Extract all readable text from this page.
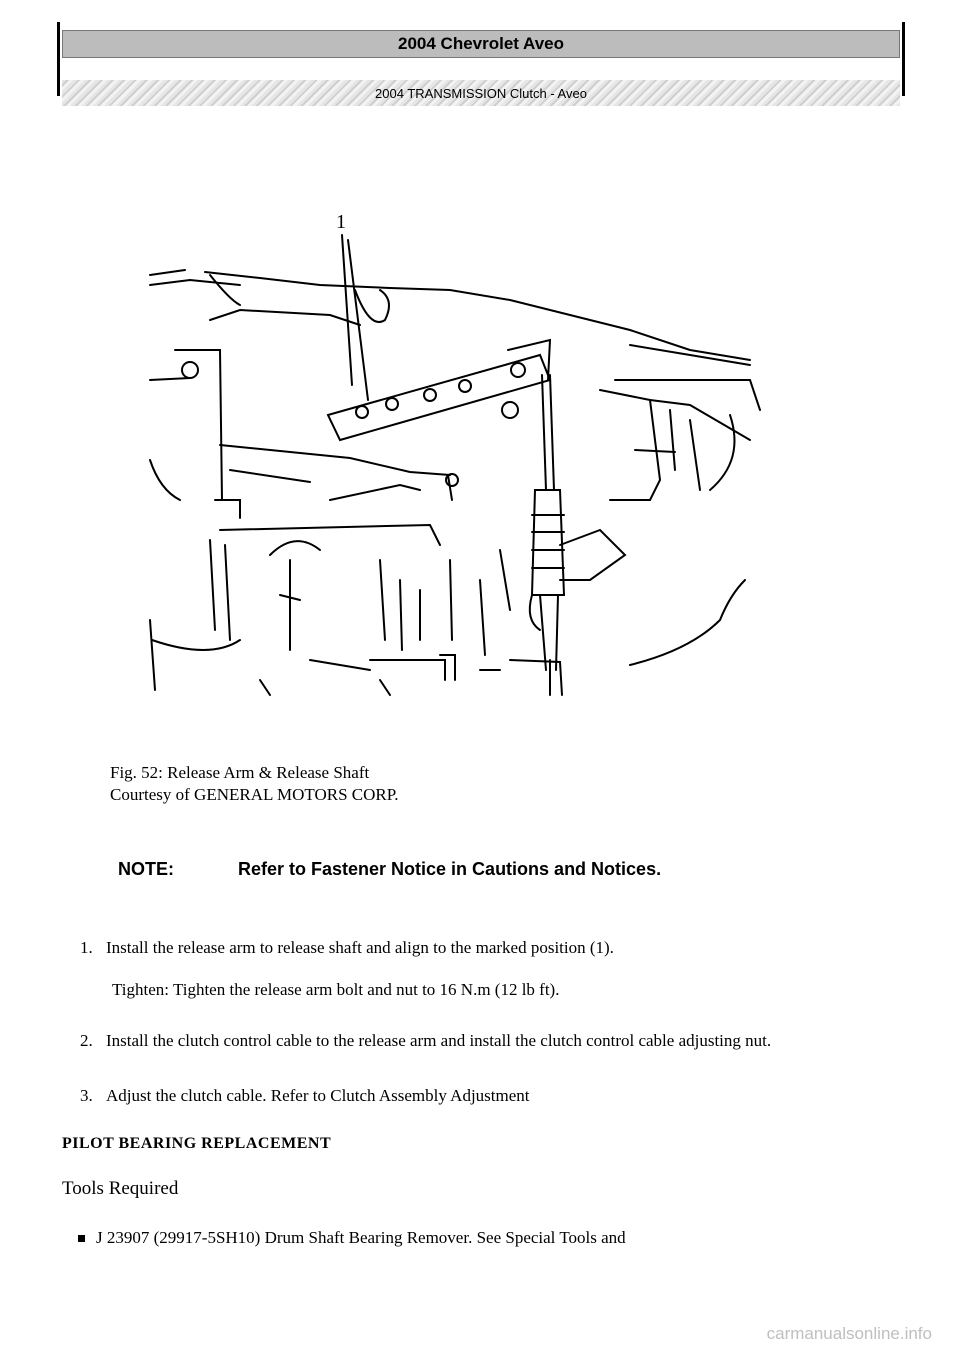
2004 Chevrolet Aveo
2004 TRANSMISSION Clutch - Aveo
1
Fig. 52: Release Arm & Release Shaft
Courtesy of GENERAL MOTORS CORP.
NOTE:	Refer to Fastener Notice in Cautions and Notices.
1. Install the release arm to release shaft and align to the marked position (1).
Tighten: Tighten the release arm bolt and nut to 16 N.m (12 lb ft).
2. Install the clutch control cable to the release arm and install the clutch control cable adjusting nut.
3. Adjust the clutch cable. Refer to Clutch Assembly Adjustment
PILOT BEARING REPLACEMENT
Tools Required
J 23907 (29917-5SH10) Drum Shaft Bearing Remover. See Special Tools and
carmanualsonline.info
